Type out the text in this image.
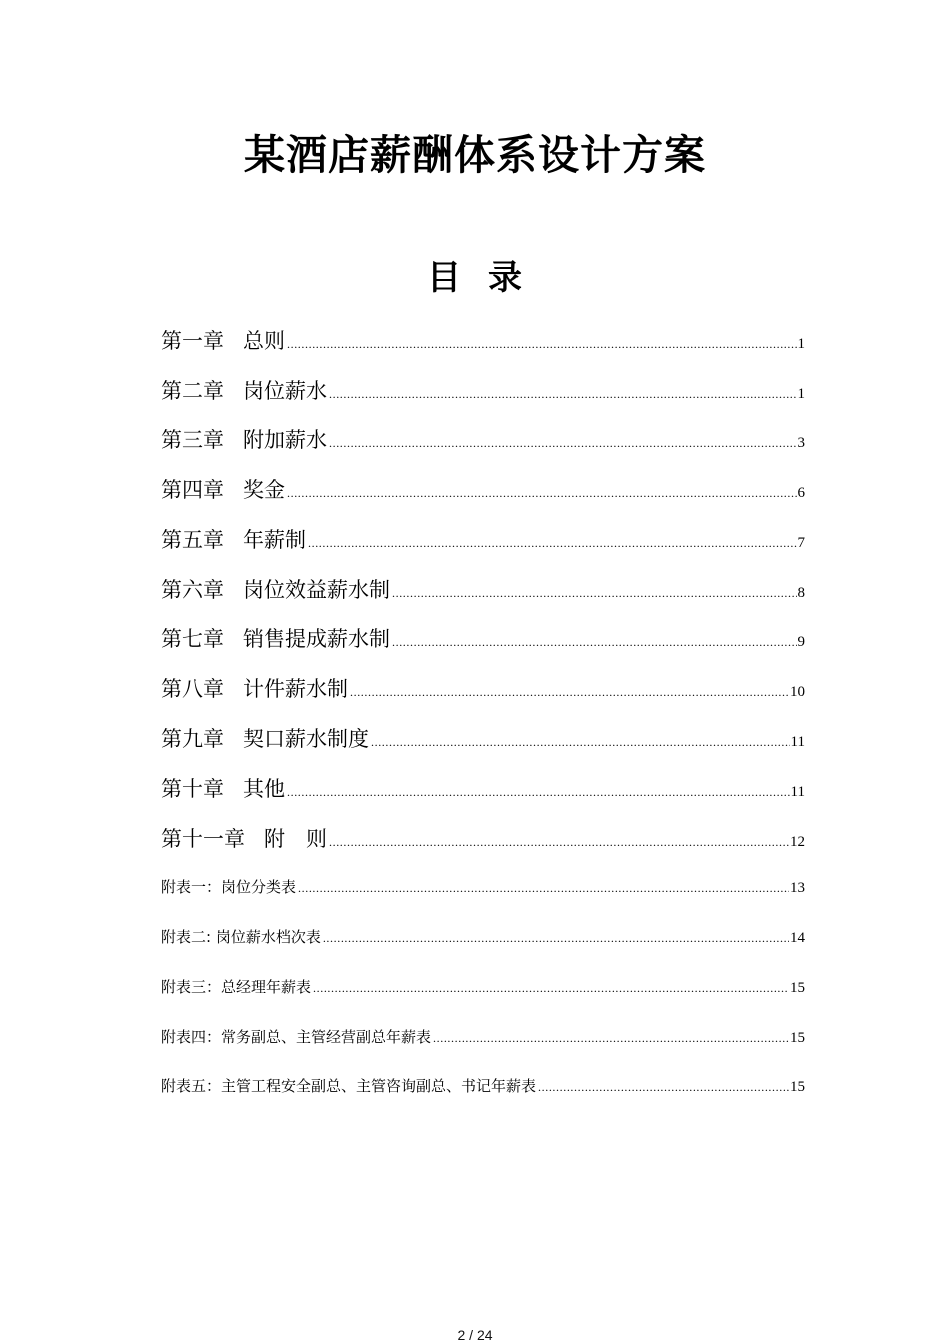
某酒店薪酬体系设计方案
目 录
第一章 总则 .....	1
第二章 岗位薪水 .....	1
第三章 附加薪水 .....	3
第四章 奖金 .....	6
第五章 年薪制 .....	7
第六章 岗位效益薪水制 .....	8
第七章 销售提成薪水制 .....	9
第八章 计件薪水制 .....	10
第九章 契口薪水制度 .....	11
第十章 其他 .....	11
第十一章 附　则 .....	12
附表一：岗位分类表 .....	13
附表二: 岗位薪水档次表 .....	14
附表三：总经理年薪表 .....	15
附表四：常务副总、主管经营副总年薪表 .....	15
附表五：主管工程安全副总、主管咨询副总、书记年薪表 .....	15
2 / 24
